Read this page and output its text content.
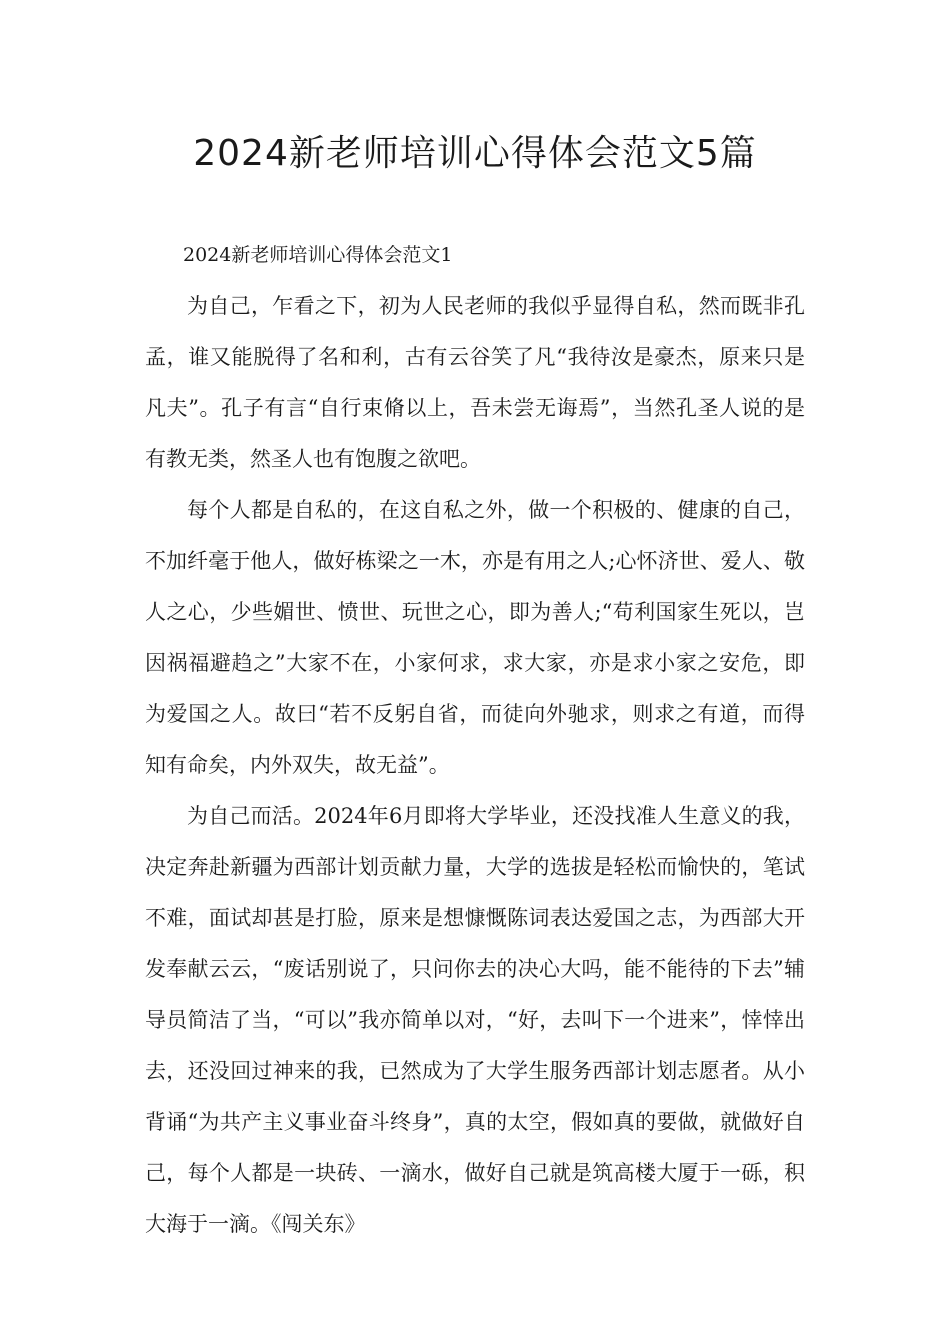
2024新老师培训心得体会范文5篇

2024新老师培训心得体会范文1

为自己，乍看之下，初为人民老师的我似乎显得自私，然而既非孔孟，谁又能脱得了名和利，古有云谷笑了凡“我待汝是豪杰，原来只是凡夫”。孔子有言“自行束脩以上，吾未尝无诲焉”，当然孔圣人说的是有教无类，然圣人也有饱腹之欲吧。

每个人都是自私的，在这自私之外，做一个积极的、健康的自己，不加纤毫于他人，做好栋梁之一木，亦是有用之人;心怀济世、爱人、敬人之心，少些媚世、愤世、玩世之心，即为善人;“苟利国家生死以，岂因祸福避趋之”大家不在，小家何求，求大家，亦是求小家之安危，即为爱国之人。故曰“若不反躬自省，而徒向外驰求，则求之有道，而得知有命矣，内外双失，故无益”。

为自己而活。2024年6月即将大学毕业，还没找准人生意义的我，决定奔赴新疆为西部计划贡献力量，大学的选拔是轻松而愉快的，笔试不难，面试却甚是打脸，原来是想慷慨陈词表达爱国之志，为西部大开发奉献云云，“废话别说了，只问你去的决心大吗，能不能待的下去”辅导员简洁了当，“可以”我亦简单以对，“好，去叫下一个进来”，悻悻出去，还没回过神来的我，已然成为了大学生服务西部计划志愿者。从小背诵“为共产主义事业奋斗终身”，真的太空，假如真的要做，就做好自己，每个人都是一块砖、一滴水，做好自己就是筑高楼大厦于一砾，积大海于一滴。《闯关东》
